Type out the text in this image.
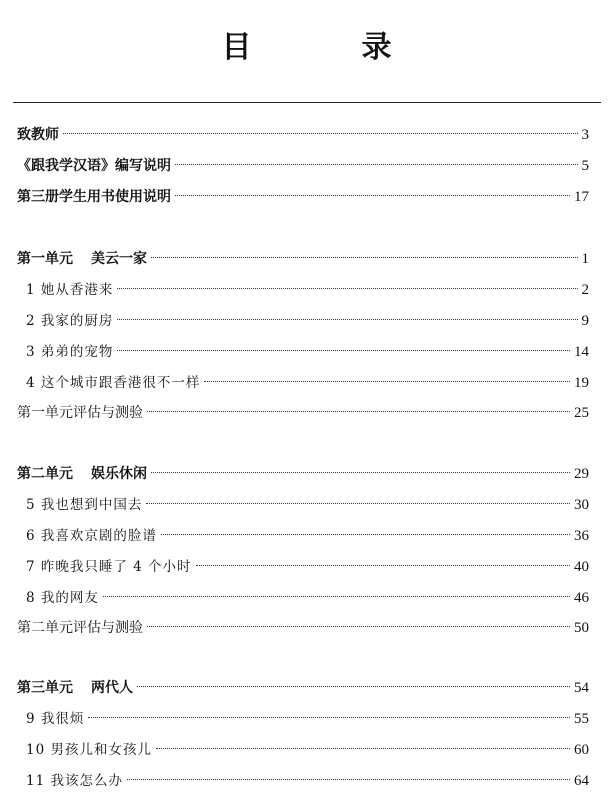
目　录
致教师	3
《跟我学汉语》编写说明	5
第三册学生用书使用说明	17
第一单元 美云一家	1
1 她从香港来	2
2 我家的厨房	9
3 弟弟的宠物	14
4 这个城市跟香港很不一样	19
第一单元评估与测验	25
第二单元 娱乐休闲	29
5 我也想到中国去	30
6 我喜欢京剧的脸谱	36
7 昨晚我只睡了 4 个小时	40
8 我的网友	46
第二单元评估与测验	50
第三单元 两代人	54
9 我很烦	55
10 男孩儿和女孩儿	60
11 我该怎么办	64
